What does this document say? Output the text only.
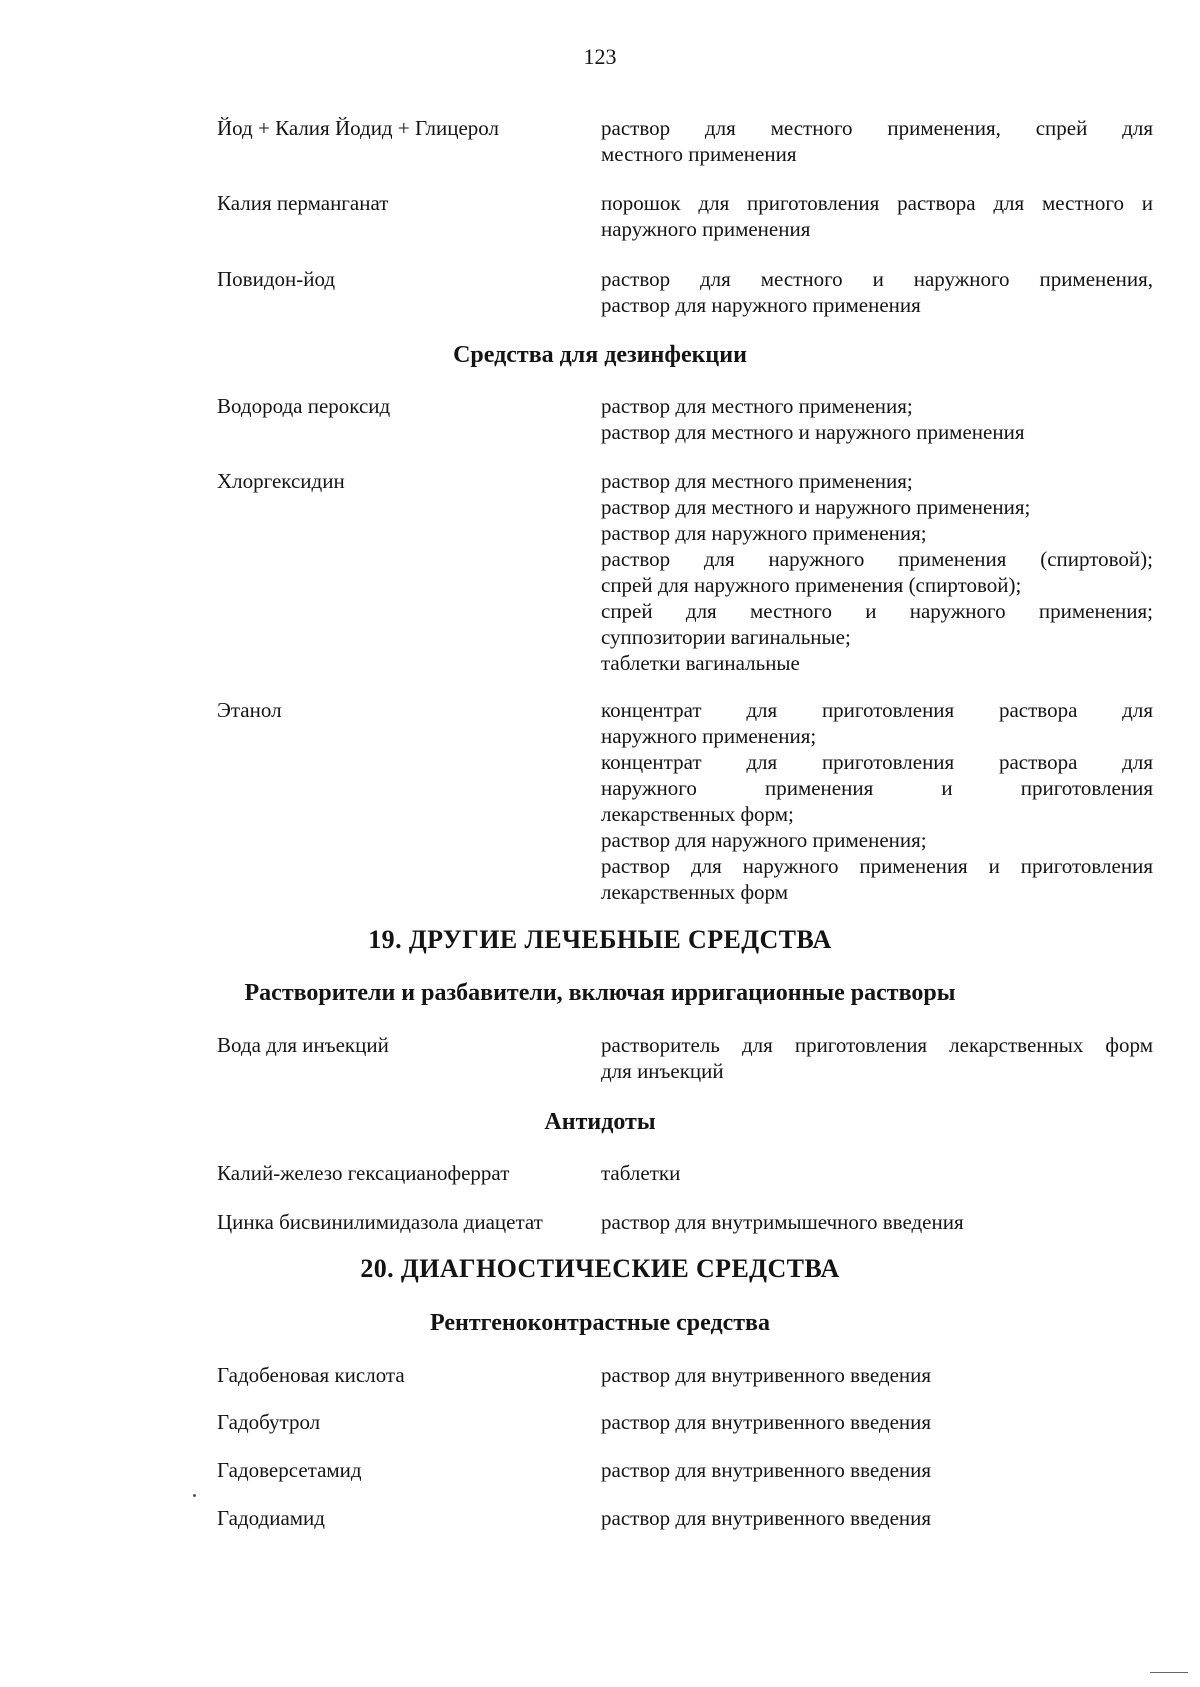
123
Йод + Калия Йодид + Глицерол	раствор для местного применения, спрей для
местного применения
Калия перманганат	порошок для приготовления раствора для местного и
наружного применения
Повидон-йод	раствор для местного и наружного применения,
раствор для наружного применения
Средства для дезинфекции
Водорода пероксид	раствор для местного применения;
раствор для местного и наружного применения
Хлоргексидин	раствор для местного применения;
раствор для местного и наружного применения;
раствор для наружного применения;
раствор для наружного применения (спиртовой);
спрей для наружного применения (спиртовой);
спрей для местного и наружного применения;
суппозитории вагинальные;
таблетки вагинальные
Этанол	концентрат для приготовления раствора для
наружного применения;
концентрат для приготовления раствора для
наружного применения и приготовления
лекарственных форм;
раствор для наружного применения;
раствор для наружного применения и приготовления
лекарственных форм
19. ДРУГИЕ ЛЕЧЕБНЫЕ СРЕДСТВА
Растворители и разбавители, включая ирригационные растворы
Вода для инъекций	растворитель для приготовления лекарственных форм
для инъекций
Антидоты
Калий-железо гексацианоферрат	таблетки
Цинка бисвинилимидазола диацетат	раствор для внутримышечного введения
20. ДИАГНОСТИЧЕСКИЕ СРЕДСТВА
Рентгеноконтрастные средства
Гадобеновая кислота	раствор для внутривенного введения
Гадобутрол	раствор для внутривенного введения
Гадоверсетамид	раствор для внутривенного введения
Гадодиамид	раствор для внутривенного введения
